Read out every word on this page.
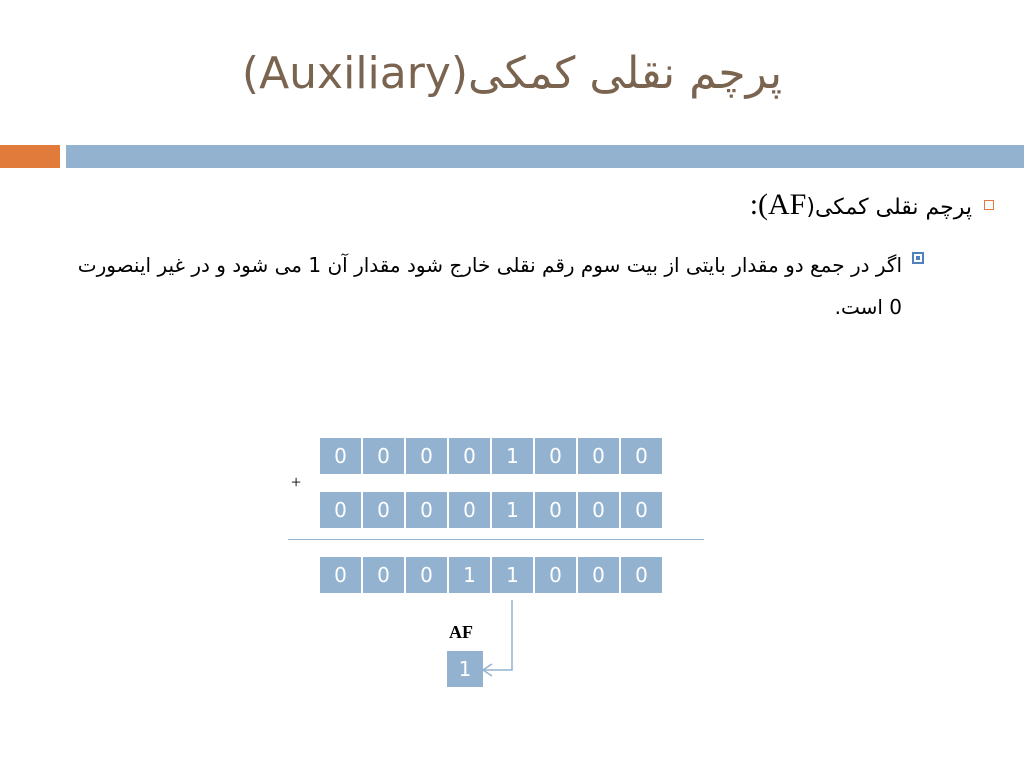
پرچم نقلی کمکی(Auxiliary)
پرچم نقلی کمکی(AF):
اگر در جمع دو مقدار بایتی از بیت سوم رقم نقلی خارج شود مقدار آن 1 می شود و در غیر اینصورت 0 است.
0	0	0	0	1	0	0	0
+
0	0	0	0	1	0	0	0
0	0	0	1	1	0	0	0
AF
1
